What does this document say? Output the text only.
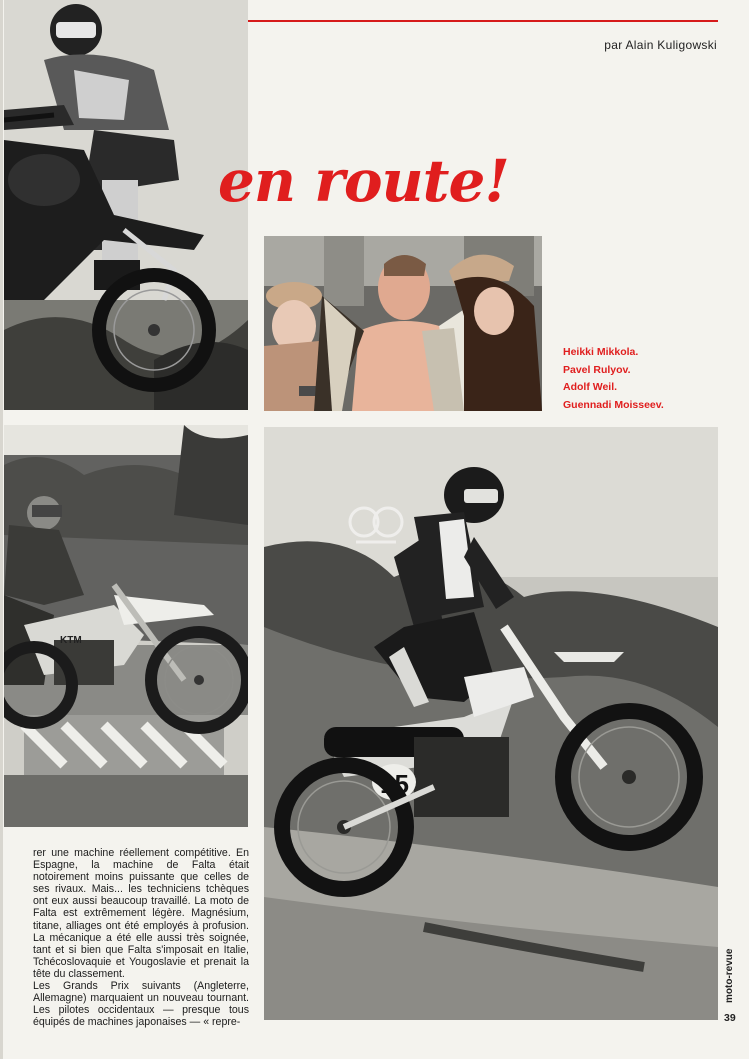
par Alain Kuligowski
en route!
Heikki Mikkola.
Pavel Rulyov.
Adolf Weil.
Guennadi Moisseev.
KTM

rer une machine réellement compétitive. En Espagne, la machine de Falta était notoirement moins puissante que celles de ses rivaux. Mais... les techniciens tchèques ont eux aussi beaucoup travaillé. La moto de Falta est extrêmement légère. Magnésium, titane, alliages ont été employés à profusion. La mécanique a été elle aussi très soignée, tant et si bien que Falta s'imposait en Italie, Tchécoslovaquie et Yougoslavie et prenait la tête du classement.

Les Grands Prix suivants (Angleterre, Allemagne) marquaient un nouveau tournant. Les pilotes occidentaux — presque tous équipés de machines japonaises — « repre-

15
moto-revue
39
